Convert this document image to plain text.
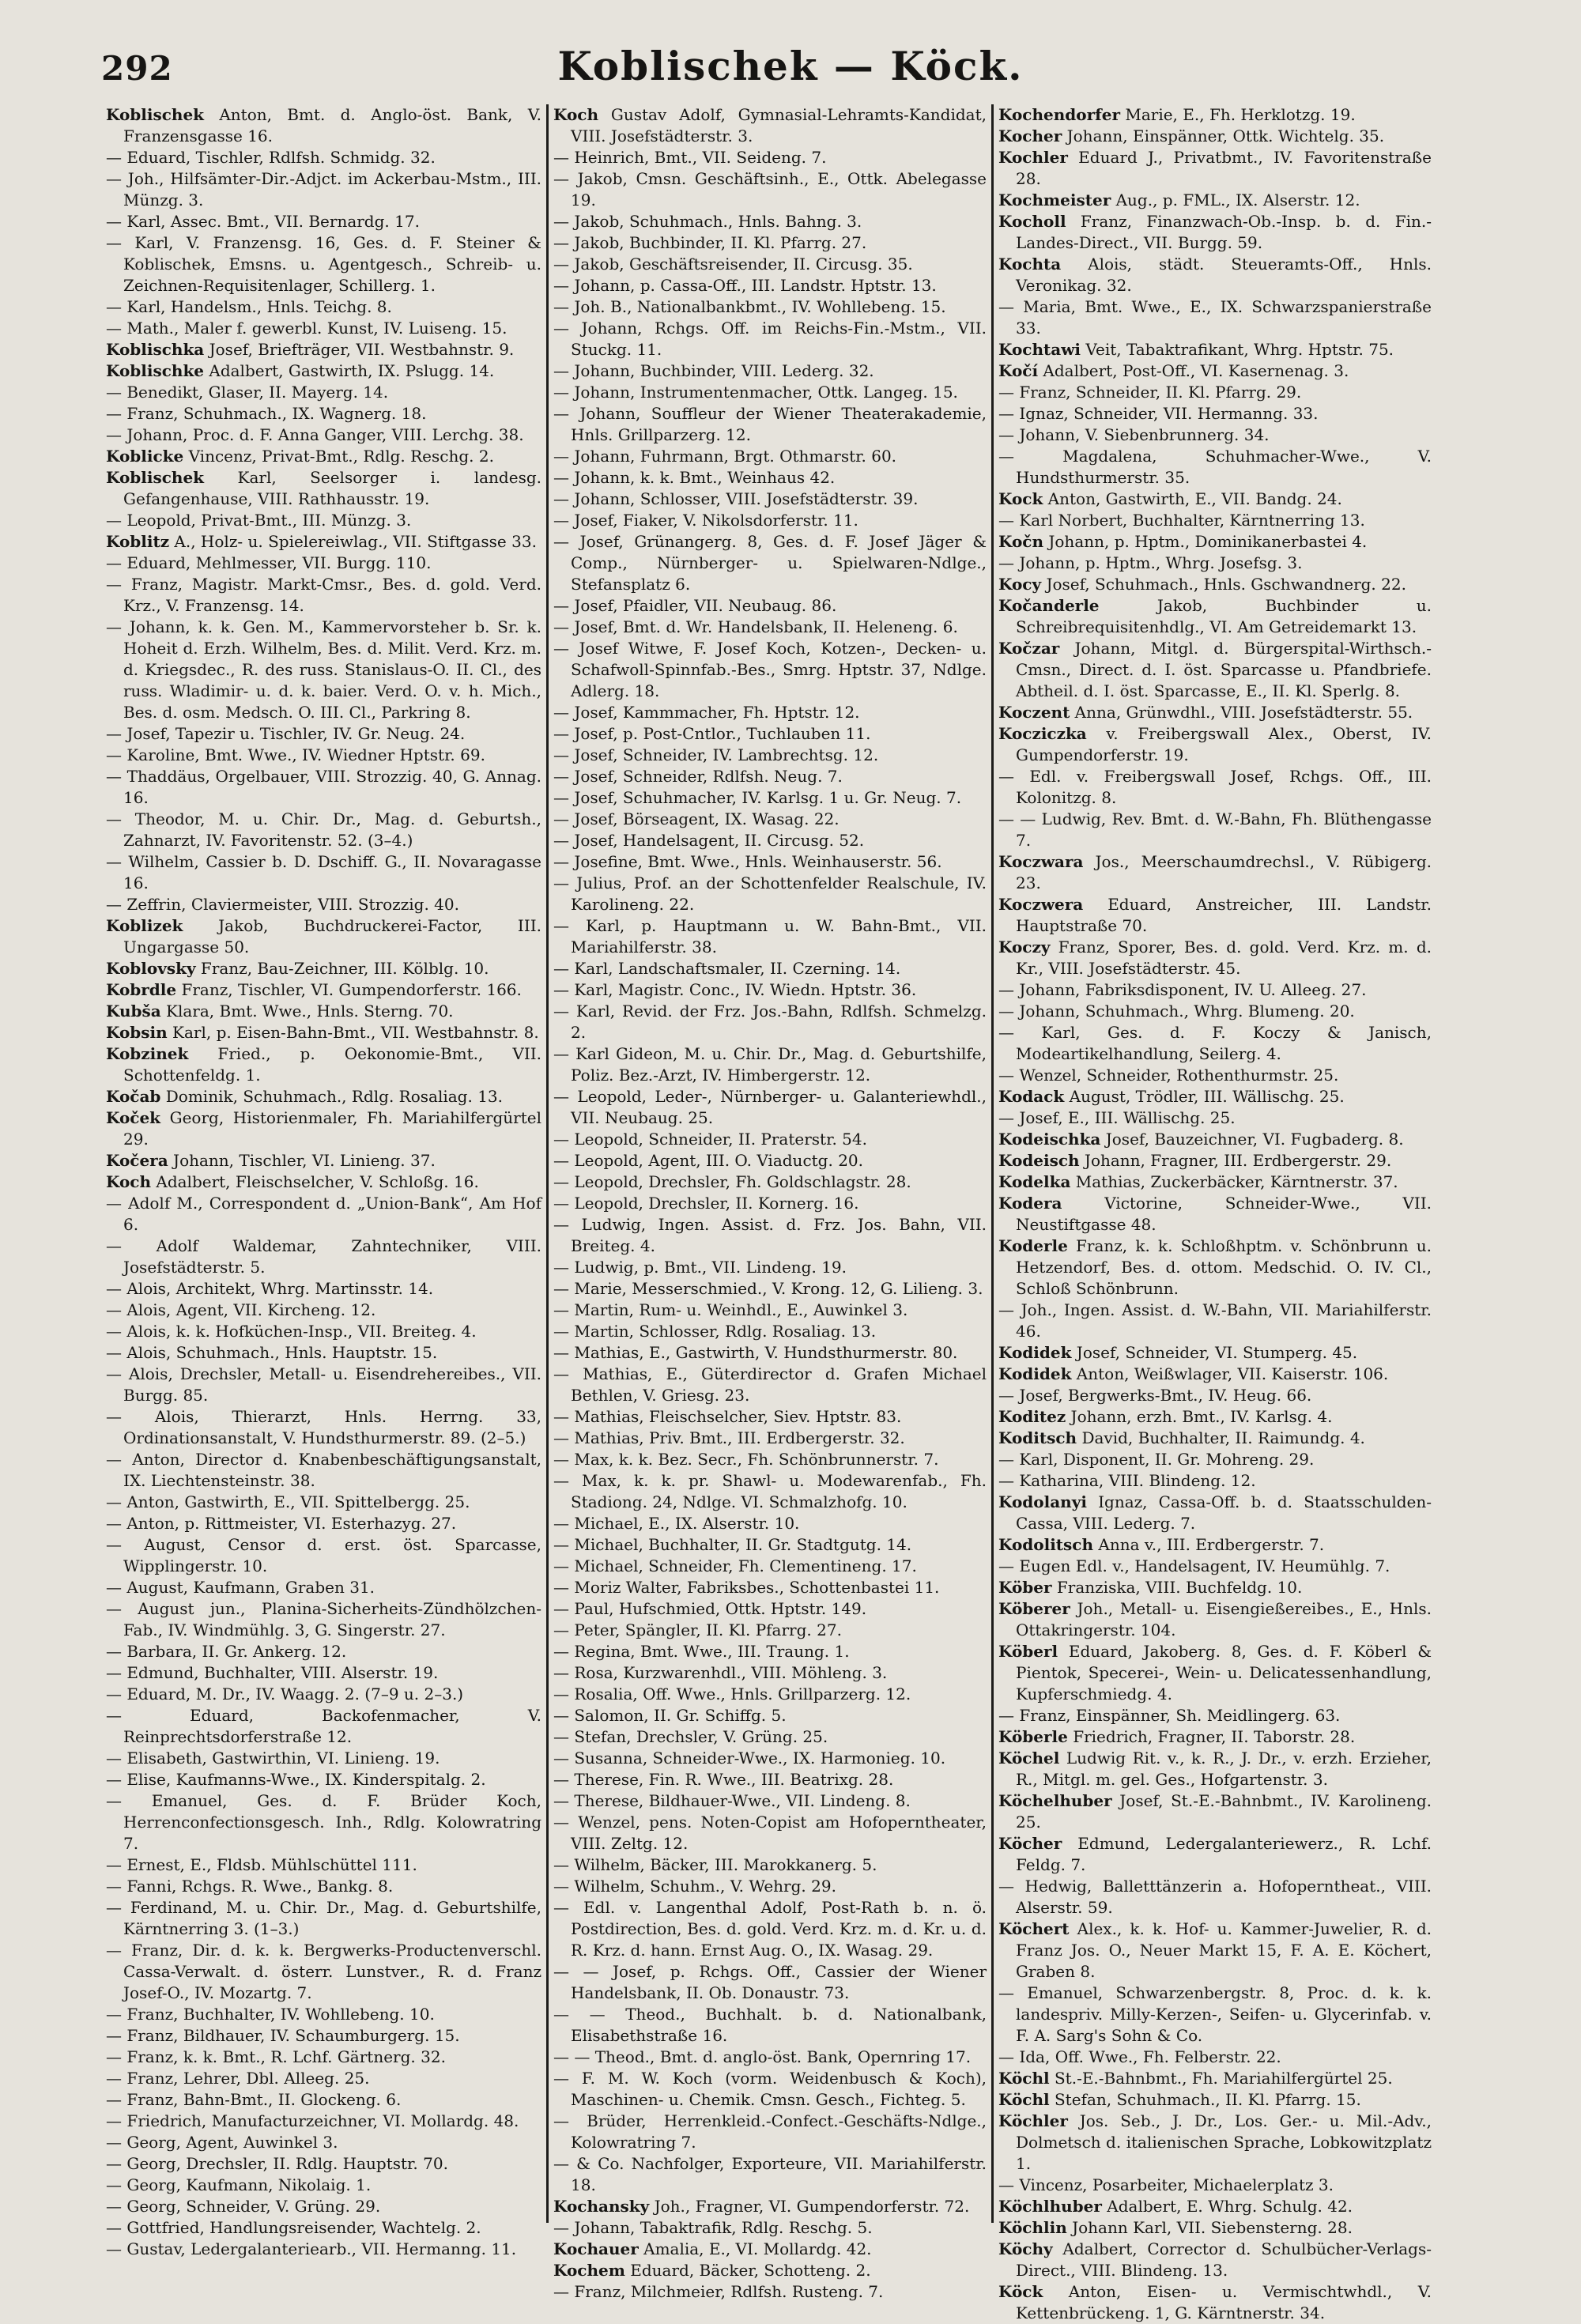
292	Koblischek — Köck.
Koblischek Anton, Bmt. d. Anglo-öst. Bank, V. Franzensgasse 16.
— Eduard, Tischler, Rdlfsh. Schmidg. 32.
— Joh., Hilfsämter-Dir.-Adjct. im Ackerbau-Mstm., III. Münzg. 3.
— Karl, Assec. Bmt., VII. Bernardg. 17.
— Karl, V. Franzensg. 16, Ges. d. F. Steiner & Koblischek, Emsns. u. Agentgesch., Schreib- u. Zeichnen-Requisitenlager, Schillerg. 1.
— Karl, Handelsm., Hnls. Teichg. 8.
— Math., Maler f. gewerbl. Kunst, IV. Luiseng. 15.
Koblischka Josef, Briefträger, VII. Westbahnstr. 9.
Koblischke Adalbert, Gastwirth, IX. Pslugg. 14.
— Benedikt, Glaser, II. Mayerg. 14.
— Franz, Schuhmach., IX. Wagnerg. 18.
— Johann, Proc. d. F. Anna Ganger, VIII. Lerchg. 38.
Koblicke Vincenz, Privat-Bmt., Rdlg. Reschg. 2.
Koblischek Karl, Seelsorger i. landesg. Gefangenhause, VIII. Rathhausstr. 19.
— Leopold, Privat-Bmt., III. Münzg. 3.
Koblitz A., Holz- u. Spielereiwlag., VII. Stiftgasse 33.
— Eduard, Mehlmesser, VII. Burgg. 110.
— Franz, Magistr. Markt-Cmsr., Bes. d. gold. Verd. Krz., V. Franzensg. 14.
— Johann, k. k. Gen. M., Kammervorsteher b. Sr. k. Hoheit d. Erzh. Wilhelm, Bes. d. Milit. Verd. Krz. m. d. Kriegsdec., R. des russ. Stanislaus-O. II. Cl., des russ. Wladimir- u. d. k. baier. Verd. O. v. h. Mich., Bes. d. osm. Medsch. O. III. Cl., Parkring 8.
— Josef, Tapezir u. Tischler, IV. Gr. Neug. 24.
— Karoline, Bmt. Wwe., IV. Wiedner Hptstr. 69.
— Thaddäus, Orgelbauer, VIII. Strozzig. 40, G. Annag. 16.
— Theodor, M. u. Chir. Dr., Mag. d. Geburtsh., Zahnarzt, IV. Favoritenstr. 52. (3–4.)
— Wilhelm, Cassier b. D. Dschiff. G., II. Novaragasse 16.
— Zeffrin, Claviermeister, VIII. Strozzig. 40.
Koblizek Jakob, Buchdruckerei-Factor, III. Ungargasse 50.
Koblovsky Franz, Bau-Zeichner, III. Kölblg. 10.
Kobrdle Franz, Tischler, VI. Gumpendorferstr. 166.
Kubša Klara, Bmt. Wwe., Hnls. Sterng. 70.
Kobsin Karl, p. Eisen-Bahn-Bmt., VII. Westbahnstr. 8.
Kobzinek Fried., p. Oekonomie-Bmt., VII. Schottenfeldg. 1.
Kočab Dominik, Schuhmach., Rdlg. Rosaliag. 13.
Koček Georg, Historienmaler, Fh. Mariahilfergürtel 29.
Kočera Johann, Tischler, VI. Linieng. 37.
Koch Adalbert, Fleischselcher, V. Schloßg. 16.
— Adolf M., Correspondent d. „Union-Bank“, Am Hof 6.
— Adolf Waldemar, Zahntechniker, VIII. Josefstädterstr. 5.
— Alois, Architekt, Whrg. Martinsstr. 14.
— Alois, Agent, VII. Kircheng. 12.
— Alois, k. k. Hofküchen-Insp., VII. Breiteg. 4.
— Alois, Schuhmach., Hnls. Hauptstr. 15.
— Alois, Drechsler, Metall- u. Eisendrehereibes., VII. Burgg. 85.
— Alois, Thierarzt, Hnls. Herrng. 33, Ordinationsanstalt, V. Hundsthurmerstr. 89. (2–5.)
— Anton, Director d. Knabenbeschäftigungsanstalt, IX. Liechtensteinstr. 38.
— Anton, Gastwirth, E., VII. Spittelbergg. 25.
— Anton, p. Rittmeister, VI. Esterhazyg. 27.
— August, Censor d. erst. öst. Sparcasse, Wipplingerstr. 10.
— August, Kaufmann, Graben 31.
— August jun., Planina-Sicherheits-Zündhölzchen-Fab., IV. Windmühlg. 3, G. Singerstr. 27.
— Barbara, II. Gr. Ankerg. 12.
— Edmund, Buchhalter, VIII. Alserstr. 19.
— Eduard, M. Dr., IV. Waagg. 2. (7–9 u. 2–3.)
— Eduard, Backofenmacher, V. Reinprechtsdorferstraße 12.
— Elisabeth, Gastwirthin, VI. Linieng. 19.
— Elise, Kaufmanns-Wwe., IX. Kinderspitalg. 2.
— Emanuel, Ges. d. F. Brüder Koch, Herrenconfectionsgesch. Inh., Rdlg. Kolowratring 7.
— Ernest, E., Fldsb. Mühlschüttel 111.
— Fanni, Rchgs. R. Wwe., Bankg. 8.
— Ferdinand, M. u. Chir. Dr., Mag. d. Geburtshilfe, Kärntnerring 3. (1–3.)
— Franz, Dir. d. k. k. Bergwerks-Productenverschl. Cassa-Verwalt. d. österr. Lunstver., R. d. Franz Josef-O., IV. Mozartg. 7.
— Franz, Buchhalter, IV. Wohllebeng. 10.
— Franz, Bildhauer, IV. Schaumburgerg. 15.
— Franz, k. k. Bmt., R. Lchf. Gärtnerg. 32.
— Franz, Lehrer, Dbl. Alleeg. 25.
— Franz, Bahn-Bmt., II. Glockeng. 6.
— Friedrich, Manufacturzeichner, VI. Mollardg. 48.
— Georg, Agent, Auwinkel 3.
— Georg, Drechsler, II. Rdlg. Hauptstr. 70.
— Georg, Kaufmann, Nikolaig. 1.
— Georg, Schneider, V. Grüng. 29.
— Gottfried, Handlungsreisender, Wachtelg. 2.
— Gustav, Ledergalanteriearb., VII. Hermanng. 11.
Koch Gustav Adolf, Gymnasial-Lehramts-Kandidat, VIII. Josefstädterstr. 3.
— Heinrich, Bmt., VII. Seideng. 7.
— Jakob, Cmsn. Geschäftsinh., E., Ottk. Abelegasse 19.
— Jakob, Schuhmach., Hnls. Bahng. 3.
— Jakob, Buchbinder, II. Kl. Pfarrg. 27.
— Jakob, Geschäftsreisender, II. Circusg. 35.
— Johann, p. Cassa-Off., III. Landstr. Hptstr. 13.
— Joh. B., Nationalbankbmt., IV. Wohllebeng. 15.
— Johann, Rchgs. Off. im Reichs-Fin.-Mstm., VII. Stuckg. 11.
— Johann, Buchbinder, VIII. Lederg. 32.
— Johann, Instrumentenmacher, Ottk. Langeg. 15.
— Johann, Souffleur der Wiener Theaterakademie, Hnls. Grillparzerg. 12.
— Johann, Fuhrmann, Brgt. Othmarstr. 60.
— Johann, k. k. Bmt., Weinhaus 42.
— Johann, Schlosser, VIII. Josefstädterstr. 39.
— Josef, Fiaker, V. Nikolsdorferstr. 11.
— Josef, Grünangerg. 8, Ges. d. F. Josef Jäger & Comp., Nürnberger- u. Spielwaren-Ndlge., Stefansplatz 6.
— Josef, Pfaidler, VII. Neubaug. 86.
— Josef, Bmt. d. Wr. Handelsbank, II. Heleneng. 6.
— Josef Witwe, F. Josef Koch, Kotzen-, Decken- u. Schafwoll-Spinnfab.-Bes., Smrg. Hptstr. 37, Ndlge. Adlerg. 18.
— Josef, Kammmacher, Fh. Hptstr. 12.
— Josef, p. Post-Cntlor., Tuchlauben 11.
— Josef, Schneider, IV. Lambrechtsg. 12.
— Josef, Schneider, Rdlfsh. Neug. 7.
— Josef, Schuhmacher, IV. Karlsg. 1 u. Gr. Neug. 7.
— Josef, Börseagent, IX. Wasag. 22.
— Josef, Handelsagent, II. Circusg. 52.
— Josefine, Bmt. Wwe., Hnls. Weinhauserstr. 56.
— Julius, Prof. an der Schottenfelder Realschule, IV. Karolineng. 22.
— Karl, p. Hauptmann u. W. Bahn-Bmt., VII. Mariahilferstr. 38.
— Karl, Landschaftsmaler, II. Czerning. 14.
— Karl, Magistr. Conc., IV. Wiedn. Hptstr. 36.
— Karl, Revid. der Frz. Jos.-Bahn, Rdlfsh. Schmelzg. 2.
— Karl Gideon, M. u. Chir. Dr., Mag. d. Geburtshilfe, Poliz. Bez.-Arzt, IV. Himbergerstr. 12.
— Leopold, Leder-, Nürnberger- u. Galanteriewhdl., VII. Neubaug. 25.
— Leopold, Schneider, II. Praterstr. 54.
— Leopold, Agent, III. O. Viaductg. 20.
— Leopold, Drechsler, Fh. Goldschlagstr. 28.
— Leopold, Drechsler, II. Kornerg. 16.
— Ludwig, Ingen. Assist. d. Frz. Jos. Bahn, VII. Breiteg. 4.
— Ludwig, p. Bmt., VII. Lindeng. 19.
— Marie, Messerschmied., V. Krong. 12, G. Lilieng. 3.
— Martin, Rum- u. Weinhdl., E., Auwinkel 3.
— Martin, Schlosser, Rdlg. Rosaliag. 13.
— Mathias, E., Gastwirth, V. Hundsthurmerstr. 80.
— Mathias, E., Güterdirector d. Grafen Michael Bethlen, V. Griesg. 23.
— Mathias, Fleischselcher, Siev. Hptstr. 83.
— Mathias, Priv. Bmt., III. Erdbergerstr. 32.
— Max, k. k. Bez. Secr., Fh. Schönbrunnerstr. 7.
— Max, k. k. pr. Shawl- u. Modewarenfab., Fh. Stadiong. 24, Ndlge. VI. Schmalzhofg. 10.
— Michael, E., IX. Alserstr. 10.
— Michael, Buchhalter, II. Gr. Stadtgutg. 14.
— Michael, Schneider, Fh. Clementineng. 17.
— Moriz Walter, Fabriksbes., Schottenbastei 11.
— Paul, Hufschmied, Ottk. Hptstr. 149.
— Peter, Spängler, II. Kl. Pfarrg. 27.
— Regina, Bmt. Wwe., III. Traung. 1.
— Rosa, Kurzwarenhdl., VIII. Möhleng. 3.
— Rosalia, Off. Wwe., Hnls. Grillparzerg. 12.
— Salomon, II. Gr. Schiffg. 5.
— Stefan, Drechsler, V. Grüng. 25.
— Susanna, Schneider-Wwe., IX. Harmonieg. 10.
— Therese, Fin. R. Wwe., III. Beatrixg. 28.
— Therese, Bildhauer-Wwe., VII. Lindeng. 8.
— Wenzel, pens. Noten-Copist am Hofoperntheater, VIII. Zeltg. 12.
— Wilhelm, Bäcker, III. Marokkanerg. 5.
— Wilhelm, Schuhm., V. Wehrg. 29.
— Edl. v. Langenthal Adolf, Post-Rath b. n. ö. Postdirection, Bes. d. gold. Verd. Krz. m. d. Kr. u. d. R. Krz. d. hann. Ernst Aug. O., IX. Wasag. 29.
— — Josef, p. Rchgs. Off., Cassier der Wiener Handelsbank, II. Ob. Donaustr. 73.
— — Theod., Buchhalt. b. d. Nationalbank, Elisabethstraße 16.
— — Theod., Bmt. d. anglo-öst. Bank, Opernring 17.
— F. M. W. Koch (vorm. Weidenbusch & Koch), Maschinen- u. Chemik. Cmsn. Gesch., Fichteg. 5.
— Brüder, Herrenkleid.-Confect.-Geschäfts-Ndlge., Kolowratring 7.
— & Co. Nachfolger, Exporteure, VII. Mariahilferstr. 18.
Kochansky Joh., Fragner, VI. Gumpendorferstr. 72.
— Johann, Tabaktrafik, Rdlg. Reschg. 5.
Kochauer Amalia, E., VI. Mollardg. 42.
Kochem Eduard, Bäcker, Schotteng. 2.
— Franz, Milchmeier, Rdlfsh. Rusteng. 7.
Kochendorfer Marie, E., Fh. Herklotzg. 19.
Kocher Johann, Einspänner, Ottk. Wichtelg. 35.
Kochler Eduard J., Privatbmt., IV. Favoritenstraße 28.
Kochmeister Aug., p. FML., IX. Alserstr. 12.
Kocholl Franz, Finanzwach-Ob.-Insp. b. d. Fin.-Landes-Direct., VII. Burgg. 59.
Kochta Alois, städt. Steueramts-Off., Hnls. Veronikag. 32.
— Maria, Bmt. Wwe., E., IX. Schwarzspanierstraße 33.
Kochtawi Veit, Tabaktrafikant, Whrg. Hptstr. 75.
Kočí Adalbert, Post-Off., VI. Kasernenag. 3.
— Franz, Schneider, II. Kl. Pfarrg. 29.
— Ignaz, Schneider, VII. Hermanng. 33.
— Johann, V. Siebenbrunnerg. 34.
— Magdalena, Schuhmacher-Wwe., V. Hundsthurmerstr. 35.
Kock Anton, Gastwirth, E., VII. Bandg. 24.
— Karl Norbert, Buchhalter, Kärntnerring 13.
Kočn Johann, p. Hptm., Dominikanerbastei 4.
— Johann, p. Hptm., Whrg. Josefsg. 3.
Kocy Josef, Schuhmach., Hnls. Gschwandnerg. 22.
Kočanderle Jakob, Buchbinder u. Schreibrequisitenhdlg., VI. Am Getreidemarkt 13.
Kočzar Johann, Mitgl. d. Bürgerspital-Wirthsch.-Cmsn., Direct. d. I. öst. Sparcasse u. Pfandbriefe. Abtheil. d. I. öst. Sparcasse, E., II. Kl. Sperlg. 8.
Koczent Anna, Grünwdhl., VIII. Josefstädterstr. 55.
Kocziczka v. Freibergswall Alex., Oberst, IV. Gumpendorferstr. 19.
— Edl. v. Freibergswall Josef, Rchgs. Off., III. Kolonitzg. 8.
— — Ludwig, Rev. Bmt. d. W.-Bahn, Fh. Blüthengasse 7.
Koczwara Jos., Meerschaumdrechsl., V. Rübigerg. 23.
Koczwera Eduard, Anstreicher, III. Landstr. Hauptstraße 70.
Koczy Franz, Sporer, Bes. d. gold. Verd. Krz. m. d. Kr., VIII. Josefstädterstr. 45.
— Johann, Fabriksdisponent, IV. U. Alleeg. 27.
— Johann, Schuhmach., Whrg. Blumeng. 20.
— Karl, Ges. d. F. Koczy & Janisch, Modeartikelhandlung, Seilerg. 4.
— Wenzel, Schneider, Rothenthurmstr. 25.
Kodack August, Trödler, III. Wällischg. 25.
— Josef, E., III. Wällischg. 25.
Kodeischka Josef, Bauzeichner, VI. Fugbaderg. 8.
Kodeisch Johann, Fragner, III. Erdbergerstr. 29.
Kodelka Mathias, Zuckerbäcker, Kärntnerstr. 37.
Kodera Victorine, Schneider-Wwe., VII. Neustiftgasse 48.
Koderle Franz, k. k. Schloßhptm. v. Schönbrunn u. Hetzendorf, Bes. d. ottom. Medschid. O. IV. Cl., Schloß Schönbrunn.
— Joh., Ingen. Assist. d. W.-Bahn, VII. Mariahilferstr. 46.
Kodidek Josef, Schneider, VI. Stumperg. 45.
Kodidek Anton, Weißwlager, VII. Kaiserstr. 106.
— Josef, Bergwerks-Bmt., IV. Heug. 66.
Koditez Johann, erzh. Bmt., IV. Karlsg. 4.
Koditsch David, Buchhalter, II. Raimundg. 4.
— Karl, Disponent, II. Gr. Mohreng. 29.
— Katharina, VIII. Blindeng. 12.
Kodolanyi Ignaz, Cassa-Off. b. d. Staatsschulden-Cassa, VIII. Lederg. 7.
Kodolitsch Anna v., III. Erdbergerstr. 7.
— Eugen Edl. v., Handelsagent, IV. Heumühlg. 7.
Köber Franziska, VIII. Buchfeldg. 10.
Köberer Joh., Metall- u. Eisengießereibes., E., Hnls. Ottakringerstr. 104.
Köberl Eduard, Jakoberg. 8, Ges. d. F. Köberl & Pientok, Specerei-, Wein- u. Delicatessenhandlung, Kupferschmiedg. 4.
— Franz, Einspänner, Sh. Meidlingerg. 63.
Köberle Friedrich, Fragner, II. Taborstr. 28.
Köchel Ludwig Rit. v., k. R., J. Dr., v. erzh. Erzieher, R., Mitgl. m. gel. Ges., Hofgartenstr. 3.
Köchelhuber Josef, St.-E.-Bahnbmt., IV. Karolineng. 25.
Köcher Edmund, Ledergalanteriewerz., R. Lchf. Feldg. 7.
— Hedwig, Balletttänzerin a. Hofoperntheat., VIII. Alserstr. 59.
Köchert Alex., k. k. Hof- u. Kammer-Juwelier, R. d. Franz Jos. O., Neuer Markt 15, F. A. E. Köchert, Graben 8.
— Emanuel, Schwarzenbergstr. 8, Proc. d. k. k. landespriv. Milly-Kerzen-, Seifen- u. Glycerinfab. v. F. A. Sarg's Sohn & Co.
— Ida, Off. Wwe., Fh. Felberstr. 22.
Köchl St.-E.-Bahnbmt., Fh. Mariahilfergürtel 25.
Köchl Stefan, Schuhmach., II. Kl. Pfarrg. 15.
Köchler Jos. Seb., J. Dr., Los. Ger.- u. Mil.-Adv., Dolmetsch d. italienischen Sprache, Lobkowitzplatz 1.
— Vincenz, Posarbeiter, Michaelerplatz 3.
Köchlhuber Adalbert, E. Whrg. Schulg. 42.
Köchlin Johann Karl, VII. Siebensterng. 28.
Köchy Adalbert, Corrector d. Schulbücher-Verlags-Direct., VIII. Blindeng. 13.
Köck Anton, Eisen- u. Vermischtwhdl., V. Kettenbrückeng. 1, G. Kärntnerstr. 34.
